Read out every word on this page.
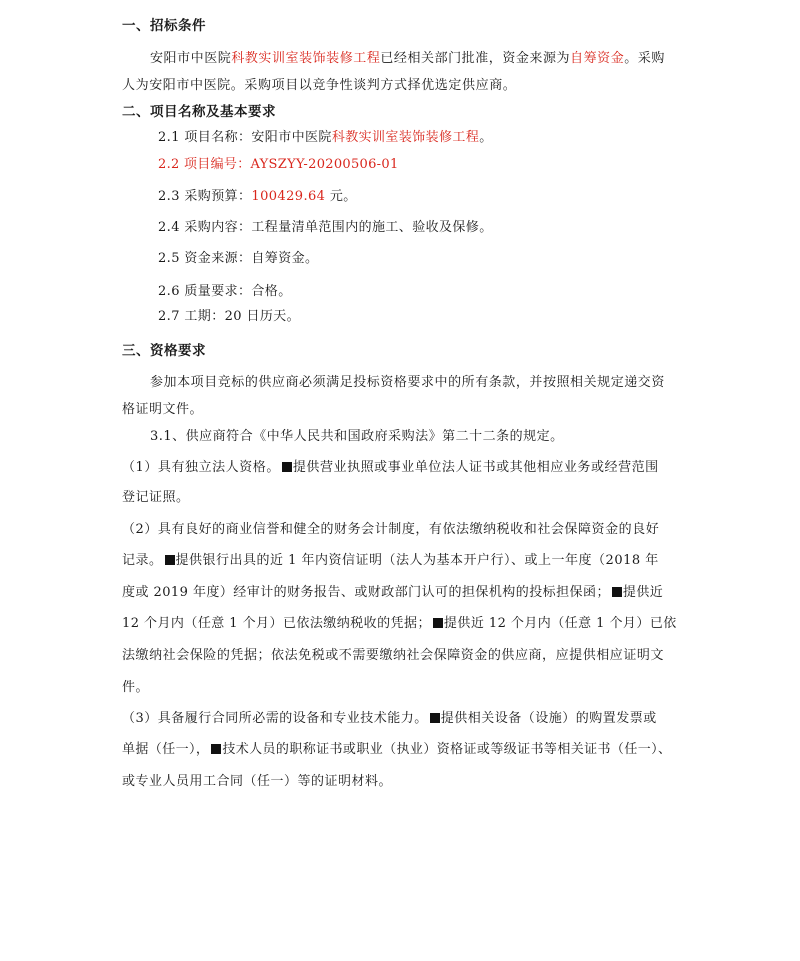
一、招标条件
安阳市中医院科教实训室装饰装修工程已经相关部门批准，资金来源为自筹资金。采购
人为安阳市中医院。采购项目以竞争性谈判方式择优选定供应商。
二、项目名称及基本要求
2.1 项目名称：安阳市中医院科教实训室装饰装修工程。
2.2 项目编号：AYSZYY-20200506-01
2.3 采购预算：100429.64 元。
2.4 采购内容：工程量清单范围内的施工、验收及保修。
2.5 资金来源：自筹资金。
2.6 质量要求：合格。
2.7 工期：20 日历天。
三、资格要求
参加本项目竞标的供应商必须满足投标资格要求中的所有条款，并按照相关规定递交资
格证明文件。
3.1、供应商符合《中华人民共和国政府采购法》第二十二条的规定。
（1）具有独立法人资格。 提供营业执照或事业单位法人证书或其他相应业务或经营范围
登记证照。
（2）具有良好的商业信誉和健全的财务会计制度，有依法缴纳税收和社会保障资金的良好
记录。 提供银行出具的近 1 年内资信证明（法人为基本开户行）、或上一年度（2018 年
度或 2019 年度）经审计的财务报告、或财政部门认可的担保机构的投标担保函； 提供近
12 个月内（任意 1 个月）已依法缴纳税收的凭据； 提供近 12 个月内（任意 1 个月）已依
法缴纳社会保险的凭据；依法免税或不需要缴纳社会保障资金的供应商，应提供相应证明文
件。
（3）具备履行合同所必需的设备和专业技术能力。 提供相关设备（设施）的购置发票或
单据（任一）， 技术人员的职称证书或职业（执业）资格证或等级证书等相关证书（任一）、
或专业人员用工合同（任一）等的证明材料。
